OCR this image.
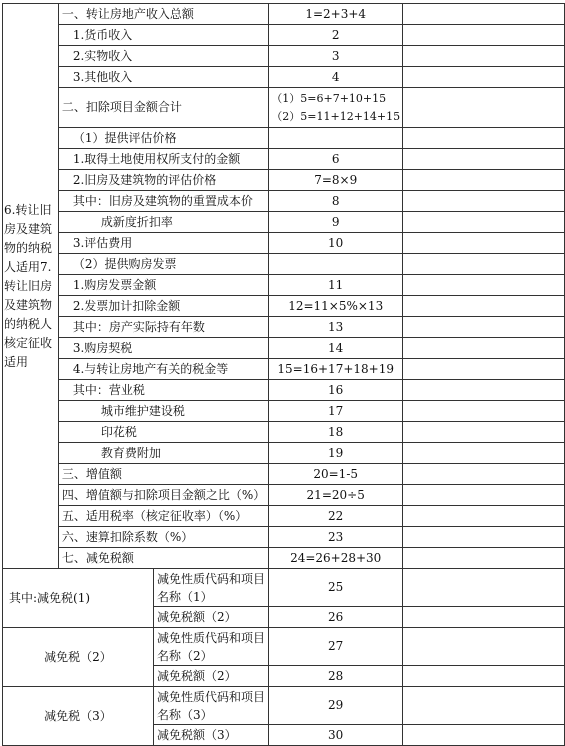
6.转让旧房及建筑物的纳税人适用7.转让旧房及建筑物的纳税人核定征收适用	一、转让房地产收入总额		1=2+3+4	
	1.货币收入		2	
	2.实物收入		3	
	3.其他收入		4	
	二、扣除项目金额合计		（1）5=6+7+10+15
（2）5=11+12+14+15	

	（1）提供评估价格			
	1.取得土地使用权所支付的金额		6	
	2.旧房及建筑物的评估价格		7=8×9	
	其中：旧房及建筑物的重置成本价		8	
	成新度折扣率		9	
	3.评估费用		10	
	（2）提供购房发票			
	1.购房发票金额		11	
	2.发票加计扣除金额		12=11×5%×13	
	其中：房产实际持有年数		13	
	3.购房契税		14	
	4.与转让房地产有关的税金等		15=16+17+18+19	
	其中：营业税		16	
	城市维护建设税		17	
	印花税		18	
	教育费附加		19	
	三、增值额		20=1-5	
	四、增值额与扣除项目金额之比（%）		21=20÷5	
	五、适用税率（核定征收率）（%）		22	
	六、速算扣除系数（%）		23	
	七、减免税额		24=26+28+30	
其中:减免税(1)		减免性质代码和项目名称（1）	25	
		减免税额（2）	26	
减免税（2）		减免性质代码和项目名称（2）	27	
		减免税额（2）	28	
减免税（3）		减免性质代码和项目名称（3）	29	
		减免税额（3）	30	
